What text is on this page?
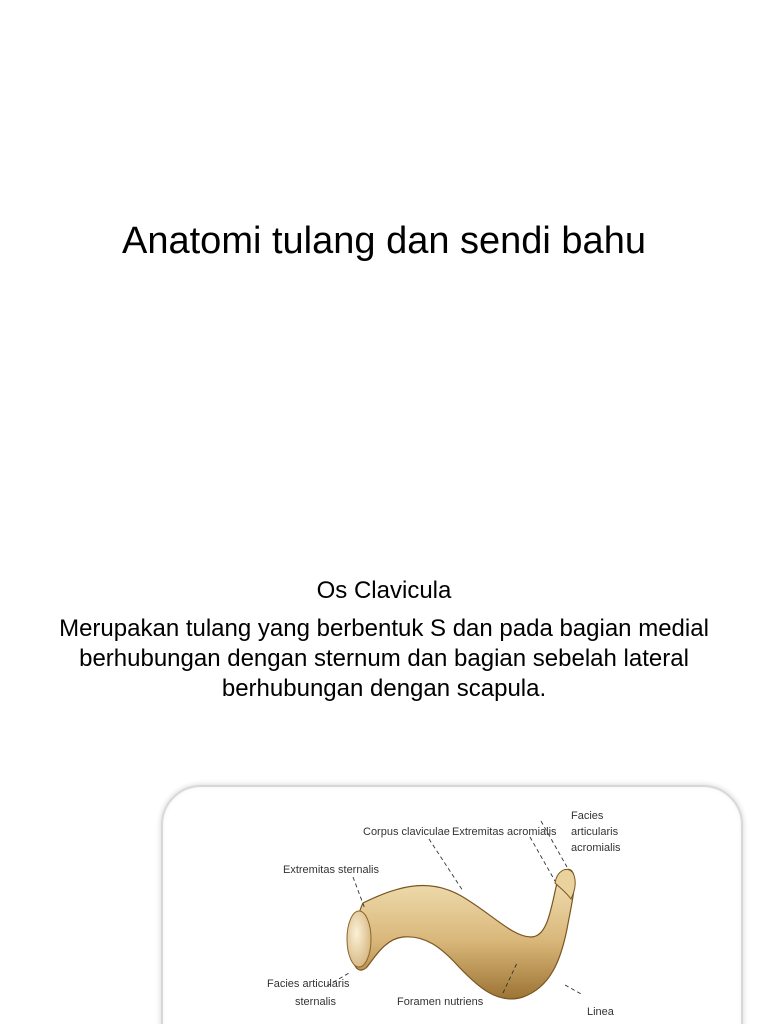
Anatomi tulang dan sendi bahu

Os Clavicula

Merupakan tulang yang berbentuk S dan pada bagian medial berhubungan dengan sternum dan bagian sebelah lateral berhubungan dengan scapula.

Corpus claviculae Extremitas acromialis
Facies
articularis
acromialis
Extremitas sternalis
Facies articularis
sternalis	Foramen nutriens
Linea
